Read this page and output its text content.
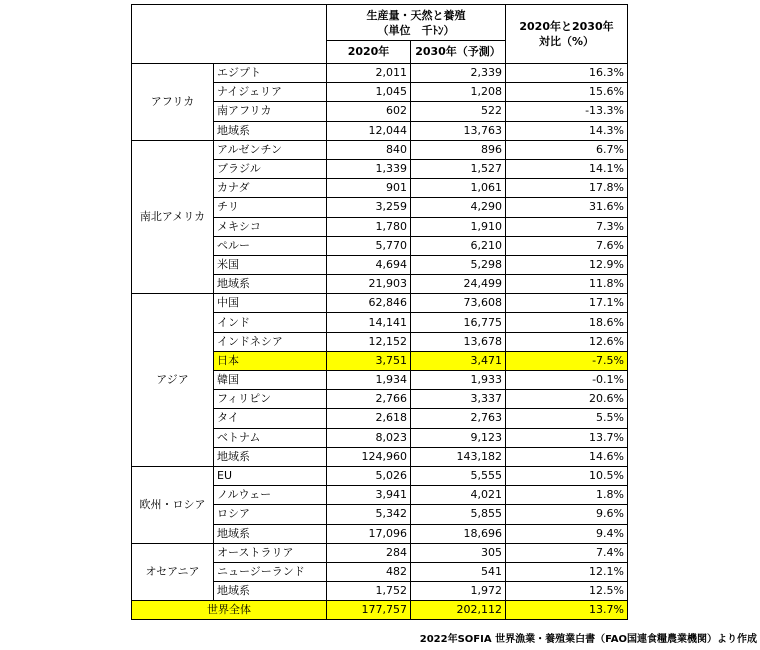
		生産量・天然と養殖
（単位　千ﾄﾝ）		2020年と2030年
対比（%）

		2020年	2030年（予測）	
アフリカ	エジプト	2,011	2,339	16.3%
	ナイジェリア	1,045	1,208	15.6%
	南アフリカ	602	522	-13.3%
	地域系	12,044	13,763	14.3%
南北アメリカ	アルゼンチン	840	896	6.7%
	ブラジル	1,339	1,527	14.1%
	カナダ	901	1,061	17.8%
	チリ	3,259	4,290	31.6%
	メキシコ	1,780	1,910	7.3%
	ペルー	5,770	6,210	7.6%
	米国	4,694	5,298	12.9%
	地域系	21,903	24,499	11.8%
アジア	中国	62,846	73,608	17.1%
	インド	14,141	16,775	18.6%
	インドネシア	12,152	13,678	12.6%
	日本	3,751	3,471	-7.5%
	韓国	1,934	1,933	-0.1%
	フィリピン	2,766	3,337	20.6%
	タイ	2,618	2,763	5.5%
	ベトナム	8,023	9,123	13.7%
	地域系	124,960	143,182	14.6%
欧州・ロシア	EU	5,026	5,555	10.5%
	ノルウェー	3,941	4,021	1.8%
	ロシア	5,342	5,855	9.6%
	地域系	17,096	18,696	9.4%
オセアニア	オーストラリア	284	305	7.4%
	ニュージーランド	482	541	12.1%
	地域系	1,752	1,972	12.5%
世界全体		177,757	202,112	13.7%
2022年SOFIA 世界漁業・養殖業白書（FAO国連食糧農業機関）より作成
